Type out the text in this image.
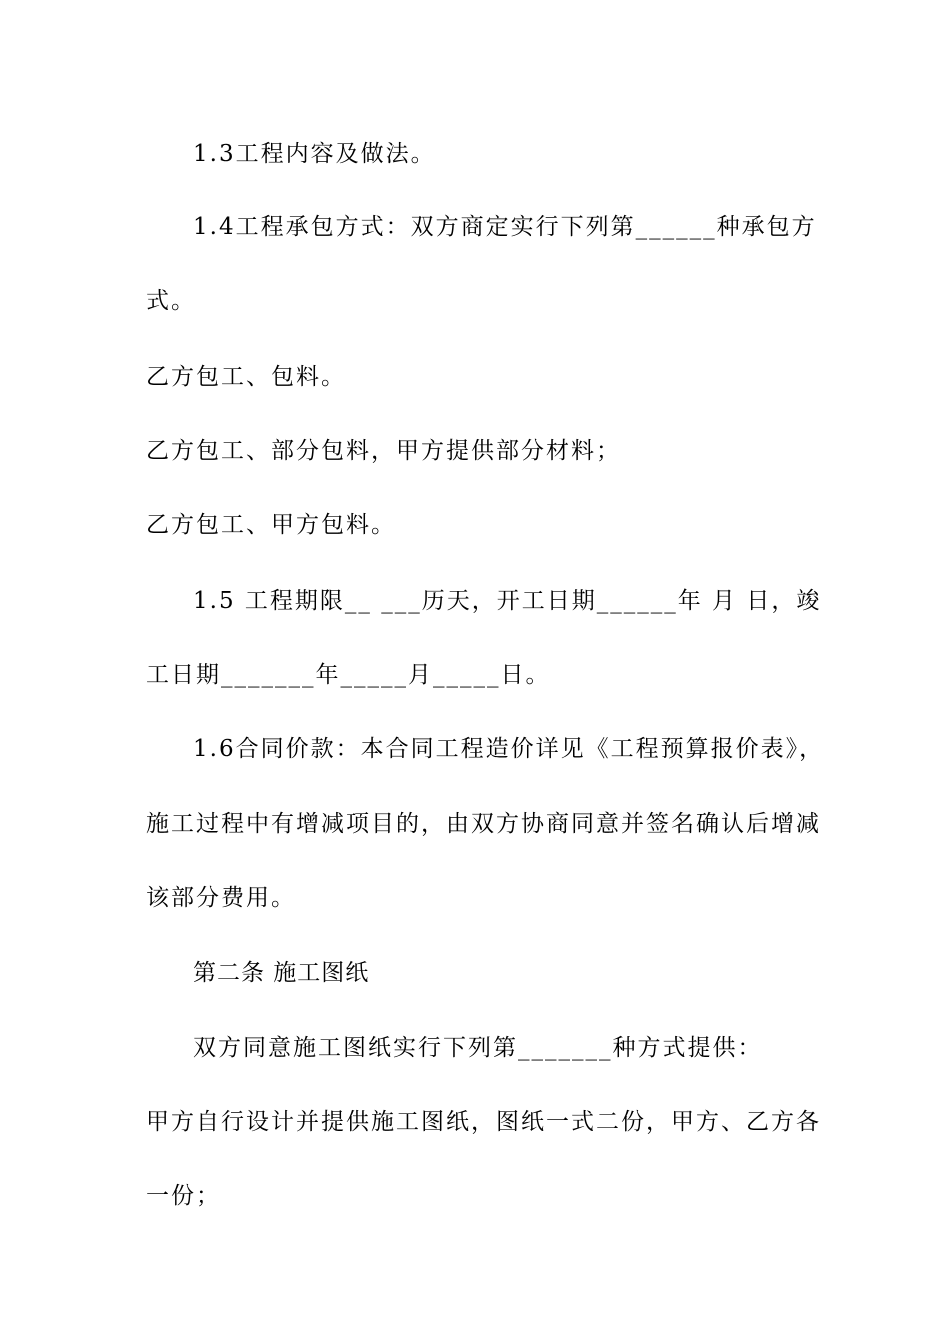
1.3工程内容及做法。
1.4工程承包方式：双方商定实行下列第______种承包方
式。
乙方包工、包料。
乙方包工、部分包料，甲方提供部分材料；
乙方包工、甲方包料。
1.5 工程期限__ ___历天，开工日期______年 月 日，竣
工日期_______年_____月_____日。
1.6合同价款：本合同工程造价详见《工程预算报价表》，
施工过程中有增减项目的，由双方协商同意并签名确认后增减
该部分费用。
第二条 施工图纸
双方同意施工图纸实行下列第_______种方式提供：
甲方自行设计并提供施工图纸，图纸一式二份，甲方、乙方各
一份；
